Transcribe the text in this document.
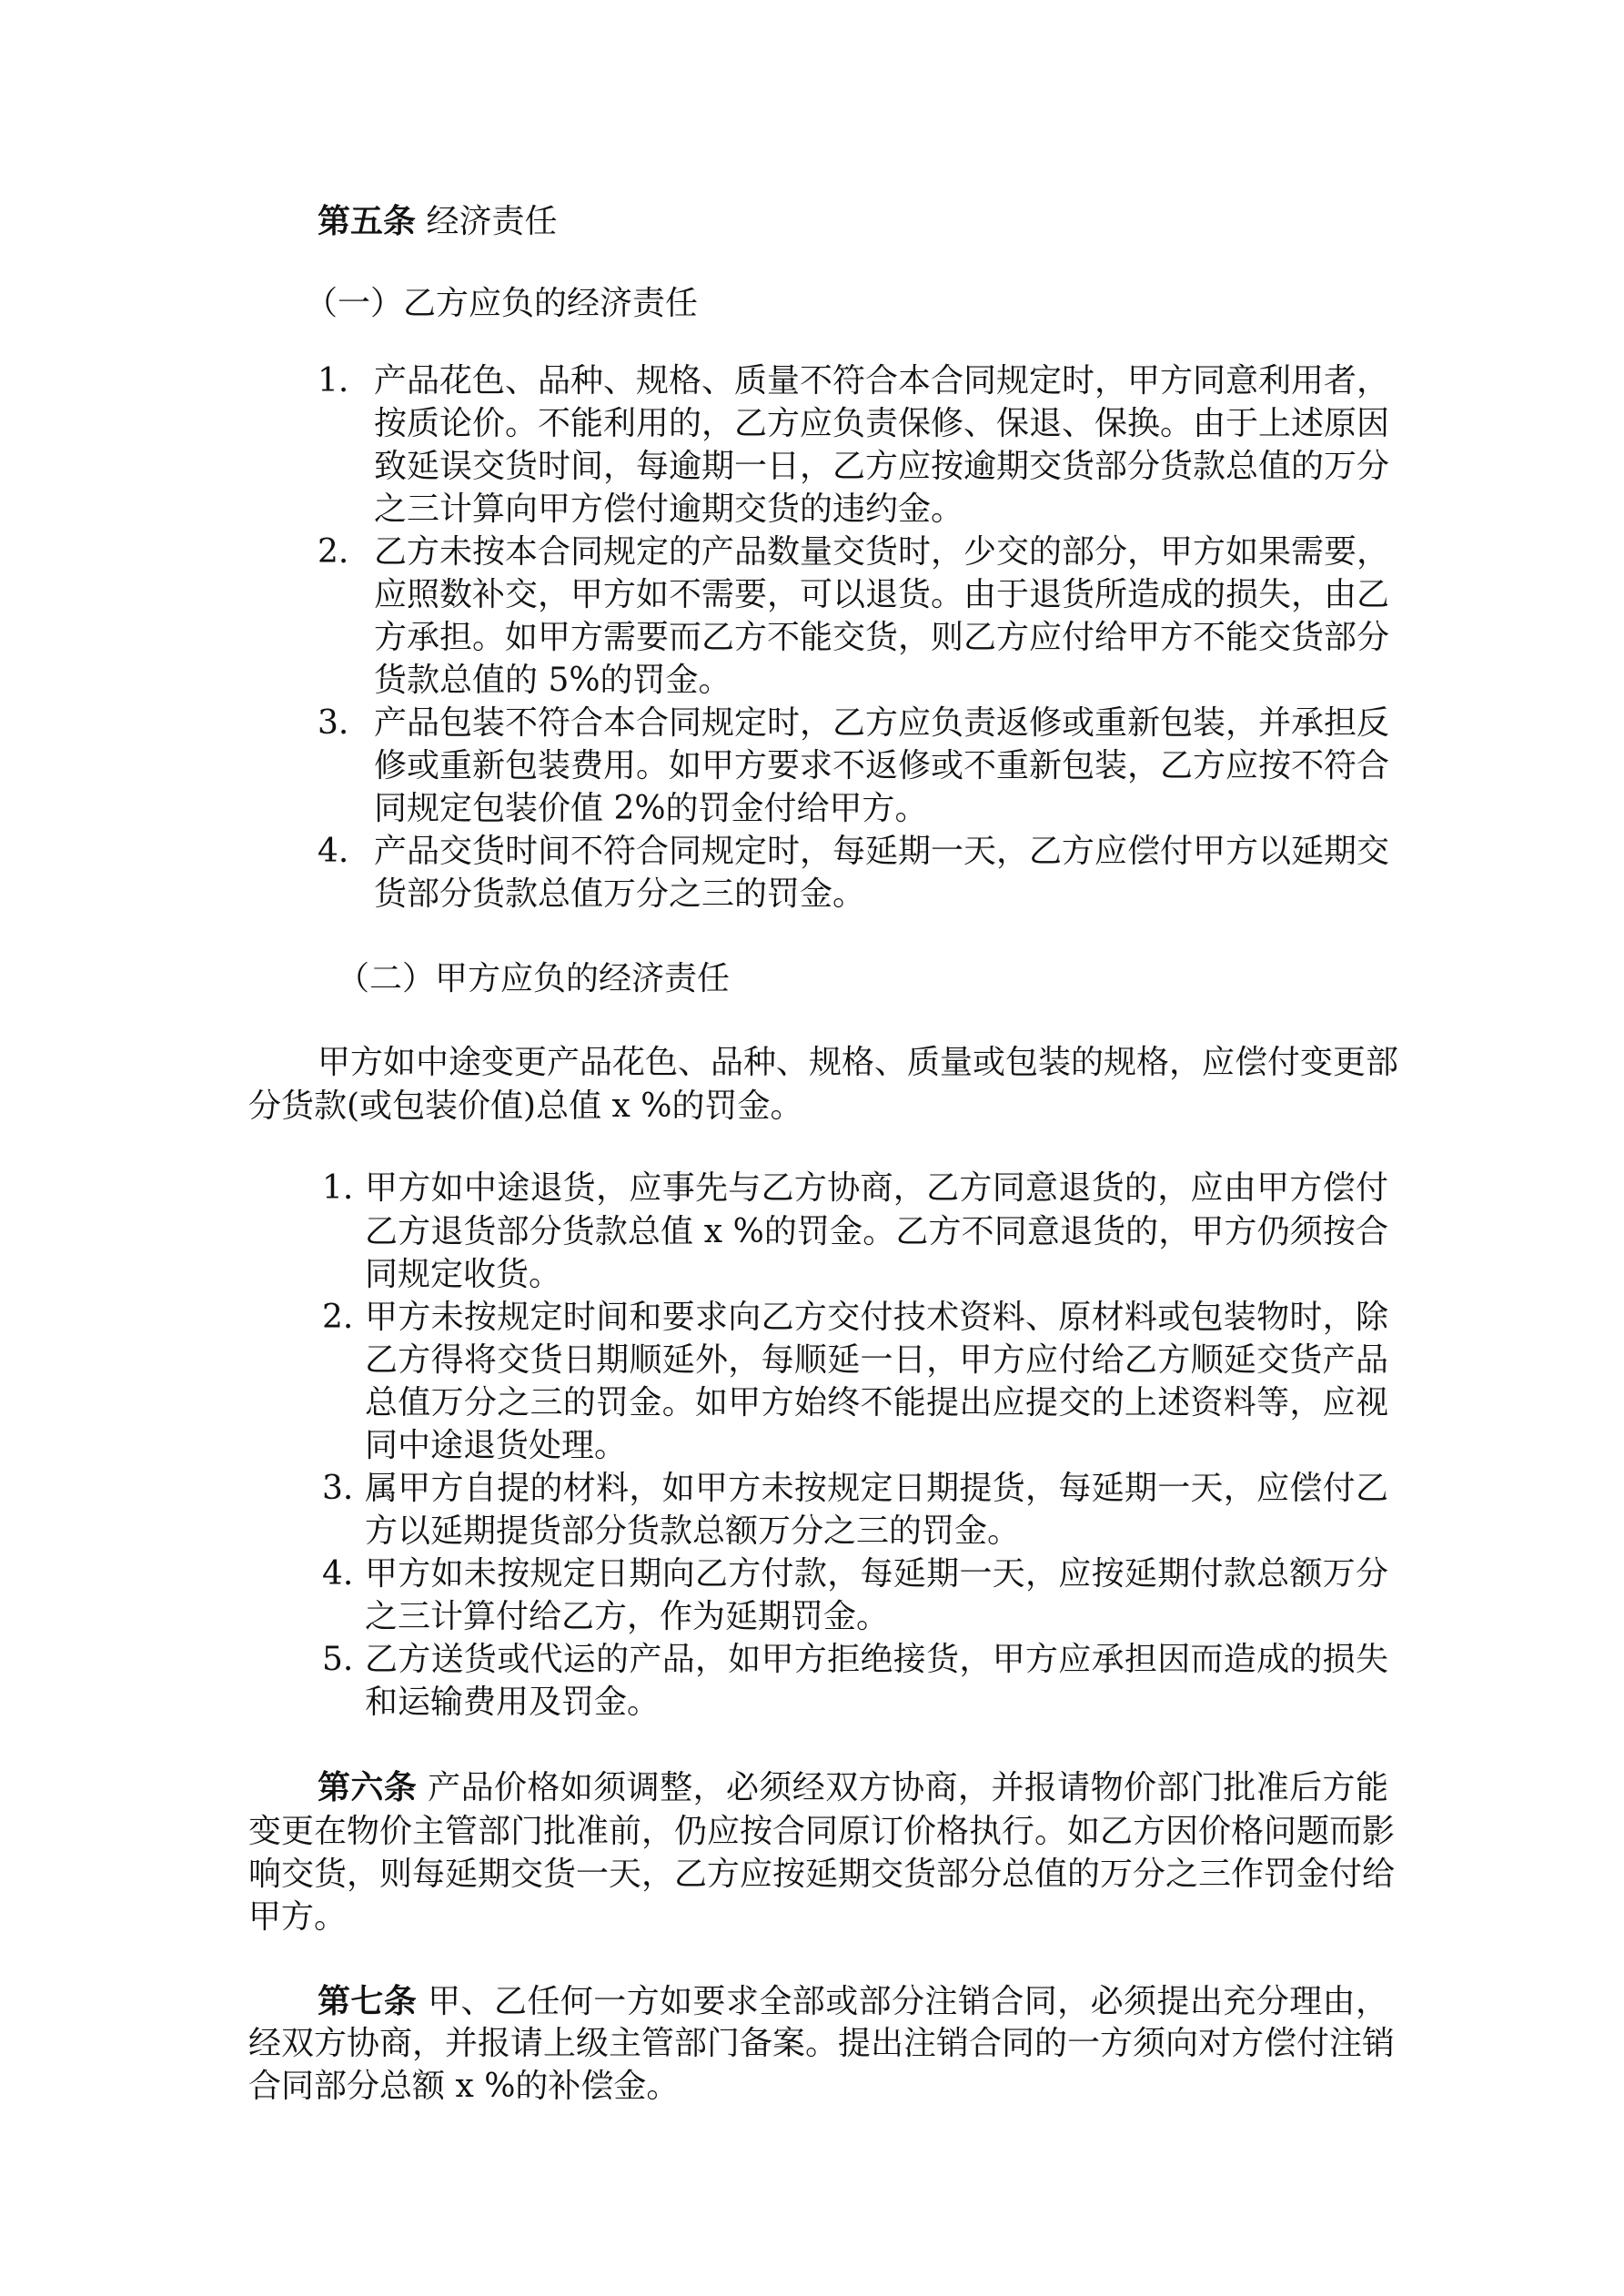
第五条 经济责任
（一）乙方应负的经济责任
1. 产品花色、品种、规格、质量不符合本合同规定时，甲方同意利用者，
按质论价。不能利用的，乙方应负责保修、保退、保换。由于上述原因
致延误交货时间，每逾期一日，乙方应按逾期交货部分货款总值的万分
之三计算向甲方偿付逾期交货的违约金。
2. 乙方未按本合同规定的产品数量交货时，少交的部分，甲方如果需要，
应照数补交，甲方如不需要，可以退货。由于退货所造成的损失，由乙
方承担。如甲方需要而乙方不能交货，则乙方应付给甲方不能交货部分
货款总值的 5%的罚金。
3. 产品包装不符合本合同规定时，乙方应负责返修或重新包装，并承担反
修或重新包装费用。如甲方要求不返修或不重新包装，乙方应按不符合
同规定包装价值 2%的罚金付给甲方。
4. 产品交货时间不符合同规定时，每延期一天，乙方应偿付甲方以延期交
货部分货款总值万分之三的罚金。
（二）甲方应负的经济责任
甲方如中途变更产品花色、品种、规格、质量或包装的规格，应偿付变更部
分货款(或包装价值)总值 x %的罚金。
1. 甲方如中途退货，应事先与乙方协商，乙方同意退货的，应由甲方偿付
乙方退货部分货款总值 x %的罚金。乙方不同意退货的，甲方仍须按合
同规定收货。
2. 甲方未按规定时间和要求向乙方交付技术资料、原材料或包装物时，除
乙方得将交货日期顺延外，每顺延一日，甲方应付给乙方顺延交货产品
总值万分之三的罚金。如甲方始终不能提出应提交的上述资料等，应视
同中途退货处理。
3. 属甲方自提的材料，如甲方未按规定日期提货，每延期一天，应偿付乙
方以延期提货部分货款总额万分之三的罚金。
4. 甲方如未按规定日期向乙方付款，每延期一天，应按延期付款总额万分
之三计算付给乙方，作为延期罚金。
5. 乙方送货或代运的产品，如甲方拒绝接货，甲方应承担因而造成的损失
和运输费用及罚金。
第六条 产品价格如须调整，必须经双方协商，并报请物价部门批准后方能
变更在物价主管部门批准前，仍应按合同原订价格执行。如乙方因价格问题而影
响交货，则每延期交货一天，乙方应按延期交货部分总值的万分之三作罚金付给
甲方。
第七条 甲、乙任何一方如要求全部或部分注销合同，必须提出充分理由，
经双方协商，并报请上级主管部门备案。提出注销合同的一方须向对方偿付注销
合同部分总额 x %的补偿金。
